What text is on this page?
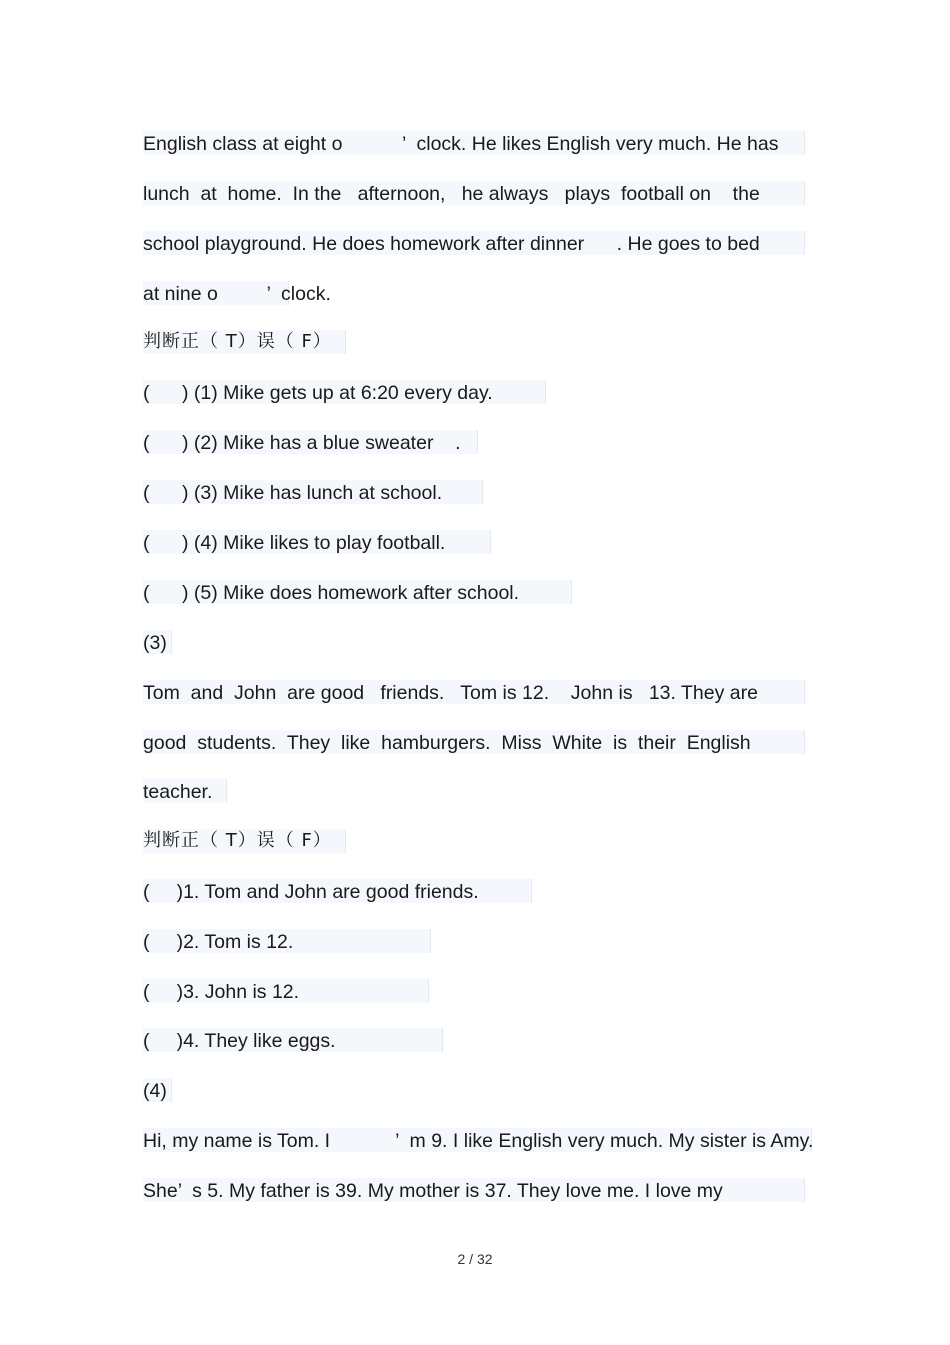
English class at eight o           ’  clock. He likes English very much. He has
lunch  at  home.  In the   afternoon,   he always   plays  football on    the
school playground. He does homework after dinner      . He goes to bed
at nine o         ’  clock.
判断正（ T）误（ F）
(      ) (1) Mike gets up at 6:20 every day.
(      ) (2) Mike has a blue sweater    .
(      ) (3) Mike has lunch at school.
(      ) (4) Mike likes to play football.
(      ) (5) Mike does homework after school.
(3)
Tom  and  John  are good   friends.   Tom is 12.    John is   13. They are
good  students.  They  like  hamburgers.  Miss  White  is  their  English
teacher.
判断正（ T）误（ F）
(     )1. Tom and John are good friends.
(     )2. Tom is 12.
(     )3. John is 12.
(     )4. They like eggs.
(4)
Hi, my name is Tom. I            ’  m 9. I like English very much. My sister is Amy.
She’  s 5. My father is 39. My mother is 37. They love me. I love my
2 / 32
